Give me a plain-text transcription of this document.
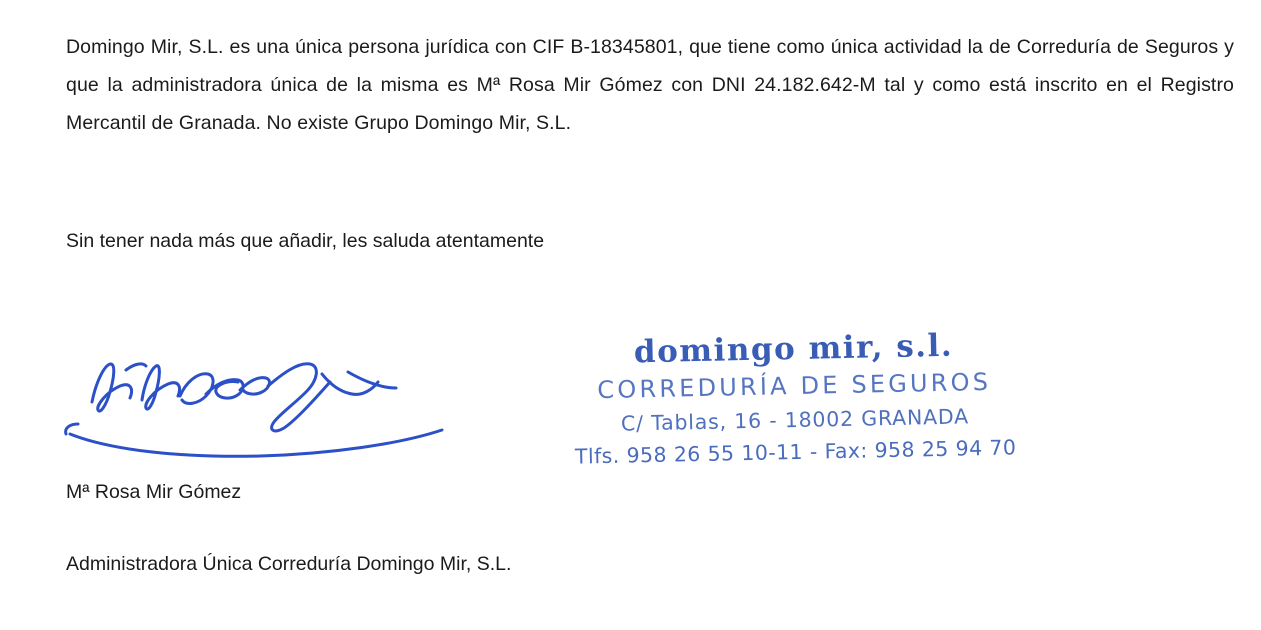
Domingo Mir, S.L. es una única persona jurídica con CIF B-18345801, que tiene como única actividad la de Correduría de Seguros y que la administradora única de la misma es Mª Rosa Mir Gómez con DNI 24.182.642-M tal y como está inscrito en el Registro Mercantil de Granada. No existe Grupo Domingo Mir, S.L.

Sin tener nada más que añadir, les saluda atentamente

Mª Rosa Mir Gómez
Administradora Única Correduría Domingo Mir, S.L.
domingo mir, s.l.
CORREDURÍA DE SEGUROS
C/ Tablas, 16 - 18002 GRANADA
Tlfs. 958 26 55 10-11 - Fax: 958 25 94 70
